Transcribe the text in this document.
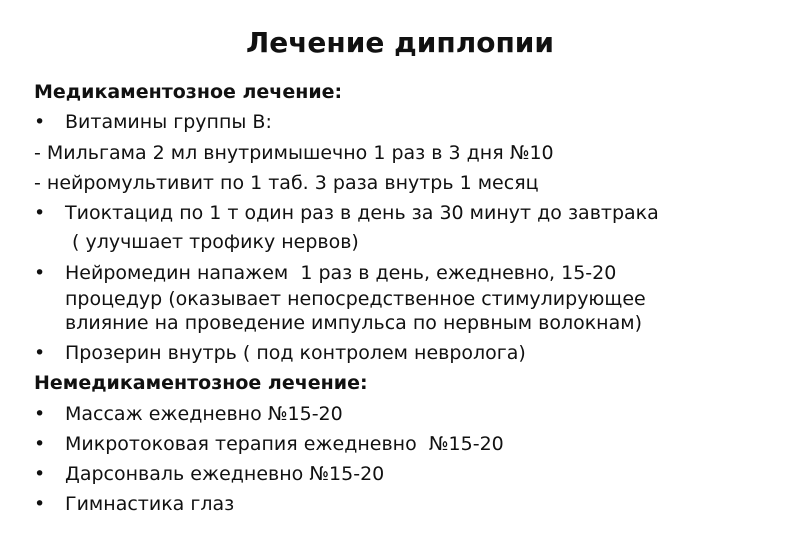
Лечение диплопии
Медикаментозное лечение:
• Витамины группы В:
- Мильгама 2 мл внутримышечно 1 раз в 3 дня №10
- нейромультивит по 1 таб. 3 раза внутрь 1 месяц
• Тиоктацид по 1 т один раз в день за 30 минут до завтрака
( улучшает трофику нервов)
• Нейромедин напажем  1 раз в день, ежедневно, 15-20
процедур (оказывает непосредственное стимулирующее
влияние на проведение импульса по нервным волокнам)
• Прозерин внутрь ( под контролем невролога)
Немедикаментозное лечение:
• Массаж ежедневно №15-20
• Микротоковая терапия ежедневно  №15-20
• Дарсонваль ежедневно №15-20
• Гимнастика глаз
